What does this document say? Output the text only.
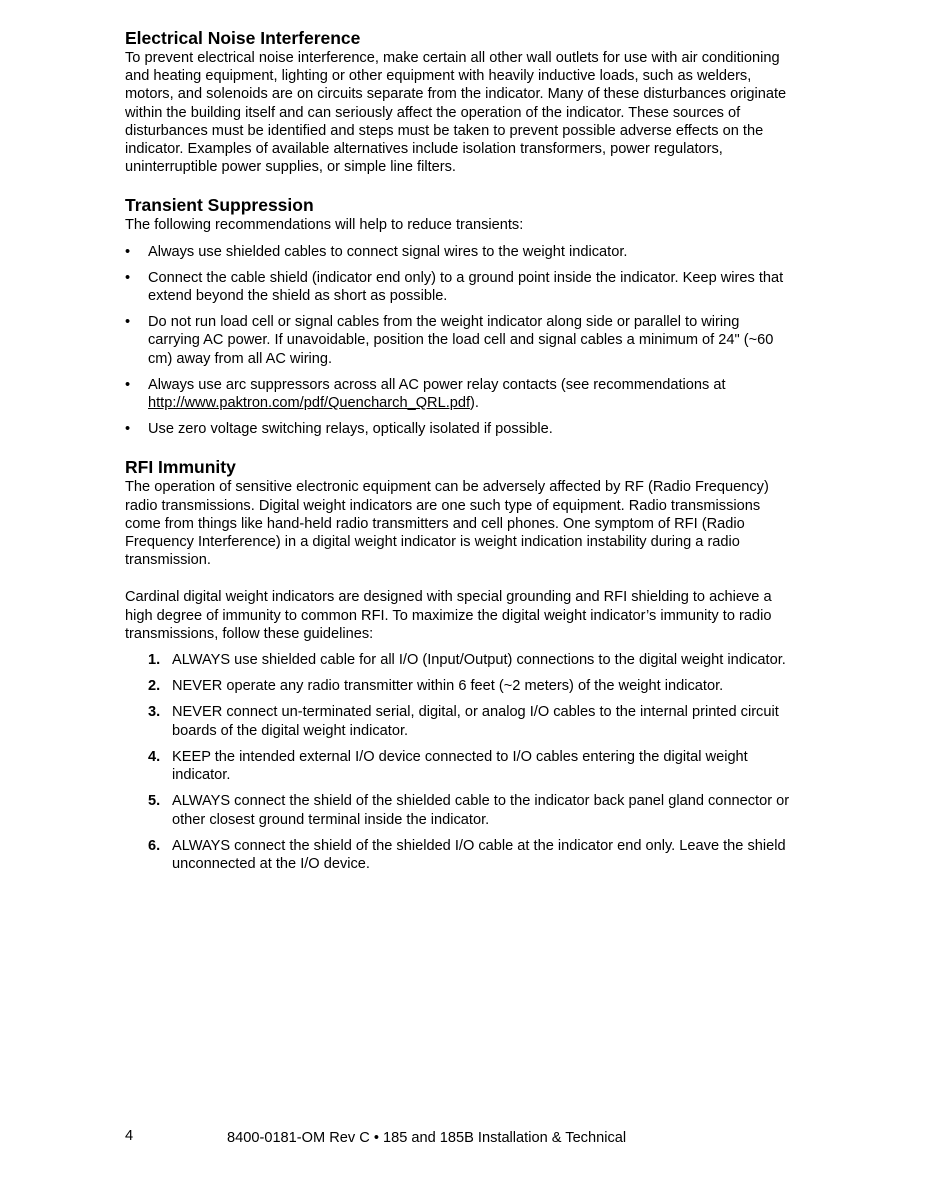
Electrical Noise Interference

To prevent electrical noise interference, make certain all other wall outlets for use with air conditioning and heating equipment, lighting or other equipment with heavily inductive loads, such as welders, motors, and solenoids are on circuits separate from the indicator. Many of these disturbances originate within the building itself and can seriously affect the operation of the indicator. These sources of disturbances must be identified and steps must be taken to prevent possible adverse effects on the indicator. Examples of available alternatives include isolation transformers, power regulators, uninterruptible power supplies, or simple line filters.

Transient Suppression

The following recommendations will help to reduce transients:

• Always use shielded cables to connect signal wires to the weight indicator.
• Connect the cable shield (indicator end only) to a ground point inside the indicator. Keep wires that extend beyond the shield as short as possible.
• Do not run load cell or signal cables from the weight indicator along side or parallel to wiring carrying AC power. If unavoidable, position the load cell and signal cables a minimum of 24" (~60 cm) away from all AC wiring.
• Always use arc suppressors across all AC power relay contacts (see recommendations at http://www.paktron.com/pdf/Quencharch_QRL.pdf).
• Use zero voltage switching relays, optically isolated if possible.
RFI Immunity

The operation of sensitive electronic equipment can be adversely affected by RF (Radio Frequency) radio transmissions. Digital weight indicators are one such type of equipment. Radio transmissions come from things like hand-held radio transmitters and cell phones. One symptom of RFI (Radio Frequency Interference) in a digital weight indicator is weight indication instability during a radio transmission.

Cardinal digital weight indicators are designed with special grounding and RFI shielding to achieve a high degree of immunity to common RFI. To maximize the digital weight indicator’s immunity to radio transmissions, follow these guidelines:

1. ALWAYS use shielded cable for all I/O (Input/Output) connections to the digital weight indicator.
2. NEVER operate any radio transmitter within 6 feet (~2 meters) of the weight indicator.
3. NEVER connect un-terminated serial, digital, or analog I/O cables to the internal printed circuit boards of the digital weight indicator.
4. KEEP the intended external I/O device connected to I/O cables entering the digital weight indicator.
5. ALWAYS connect the shield of the shielded cable to the indicator back panel gland connector or other closest ground terminal inside the indicator.
6. ALWAYS connect the shield of the shielded I/O cable at the indicator end only. Leave the shield unconnected at the I/O device.
4	8400-0181-OM Rev C • 185 and 185B Installation & Technical
